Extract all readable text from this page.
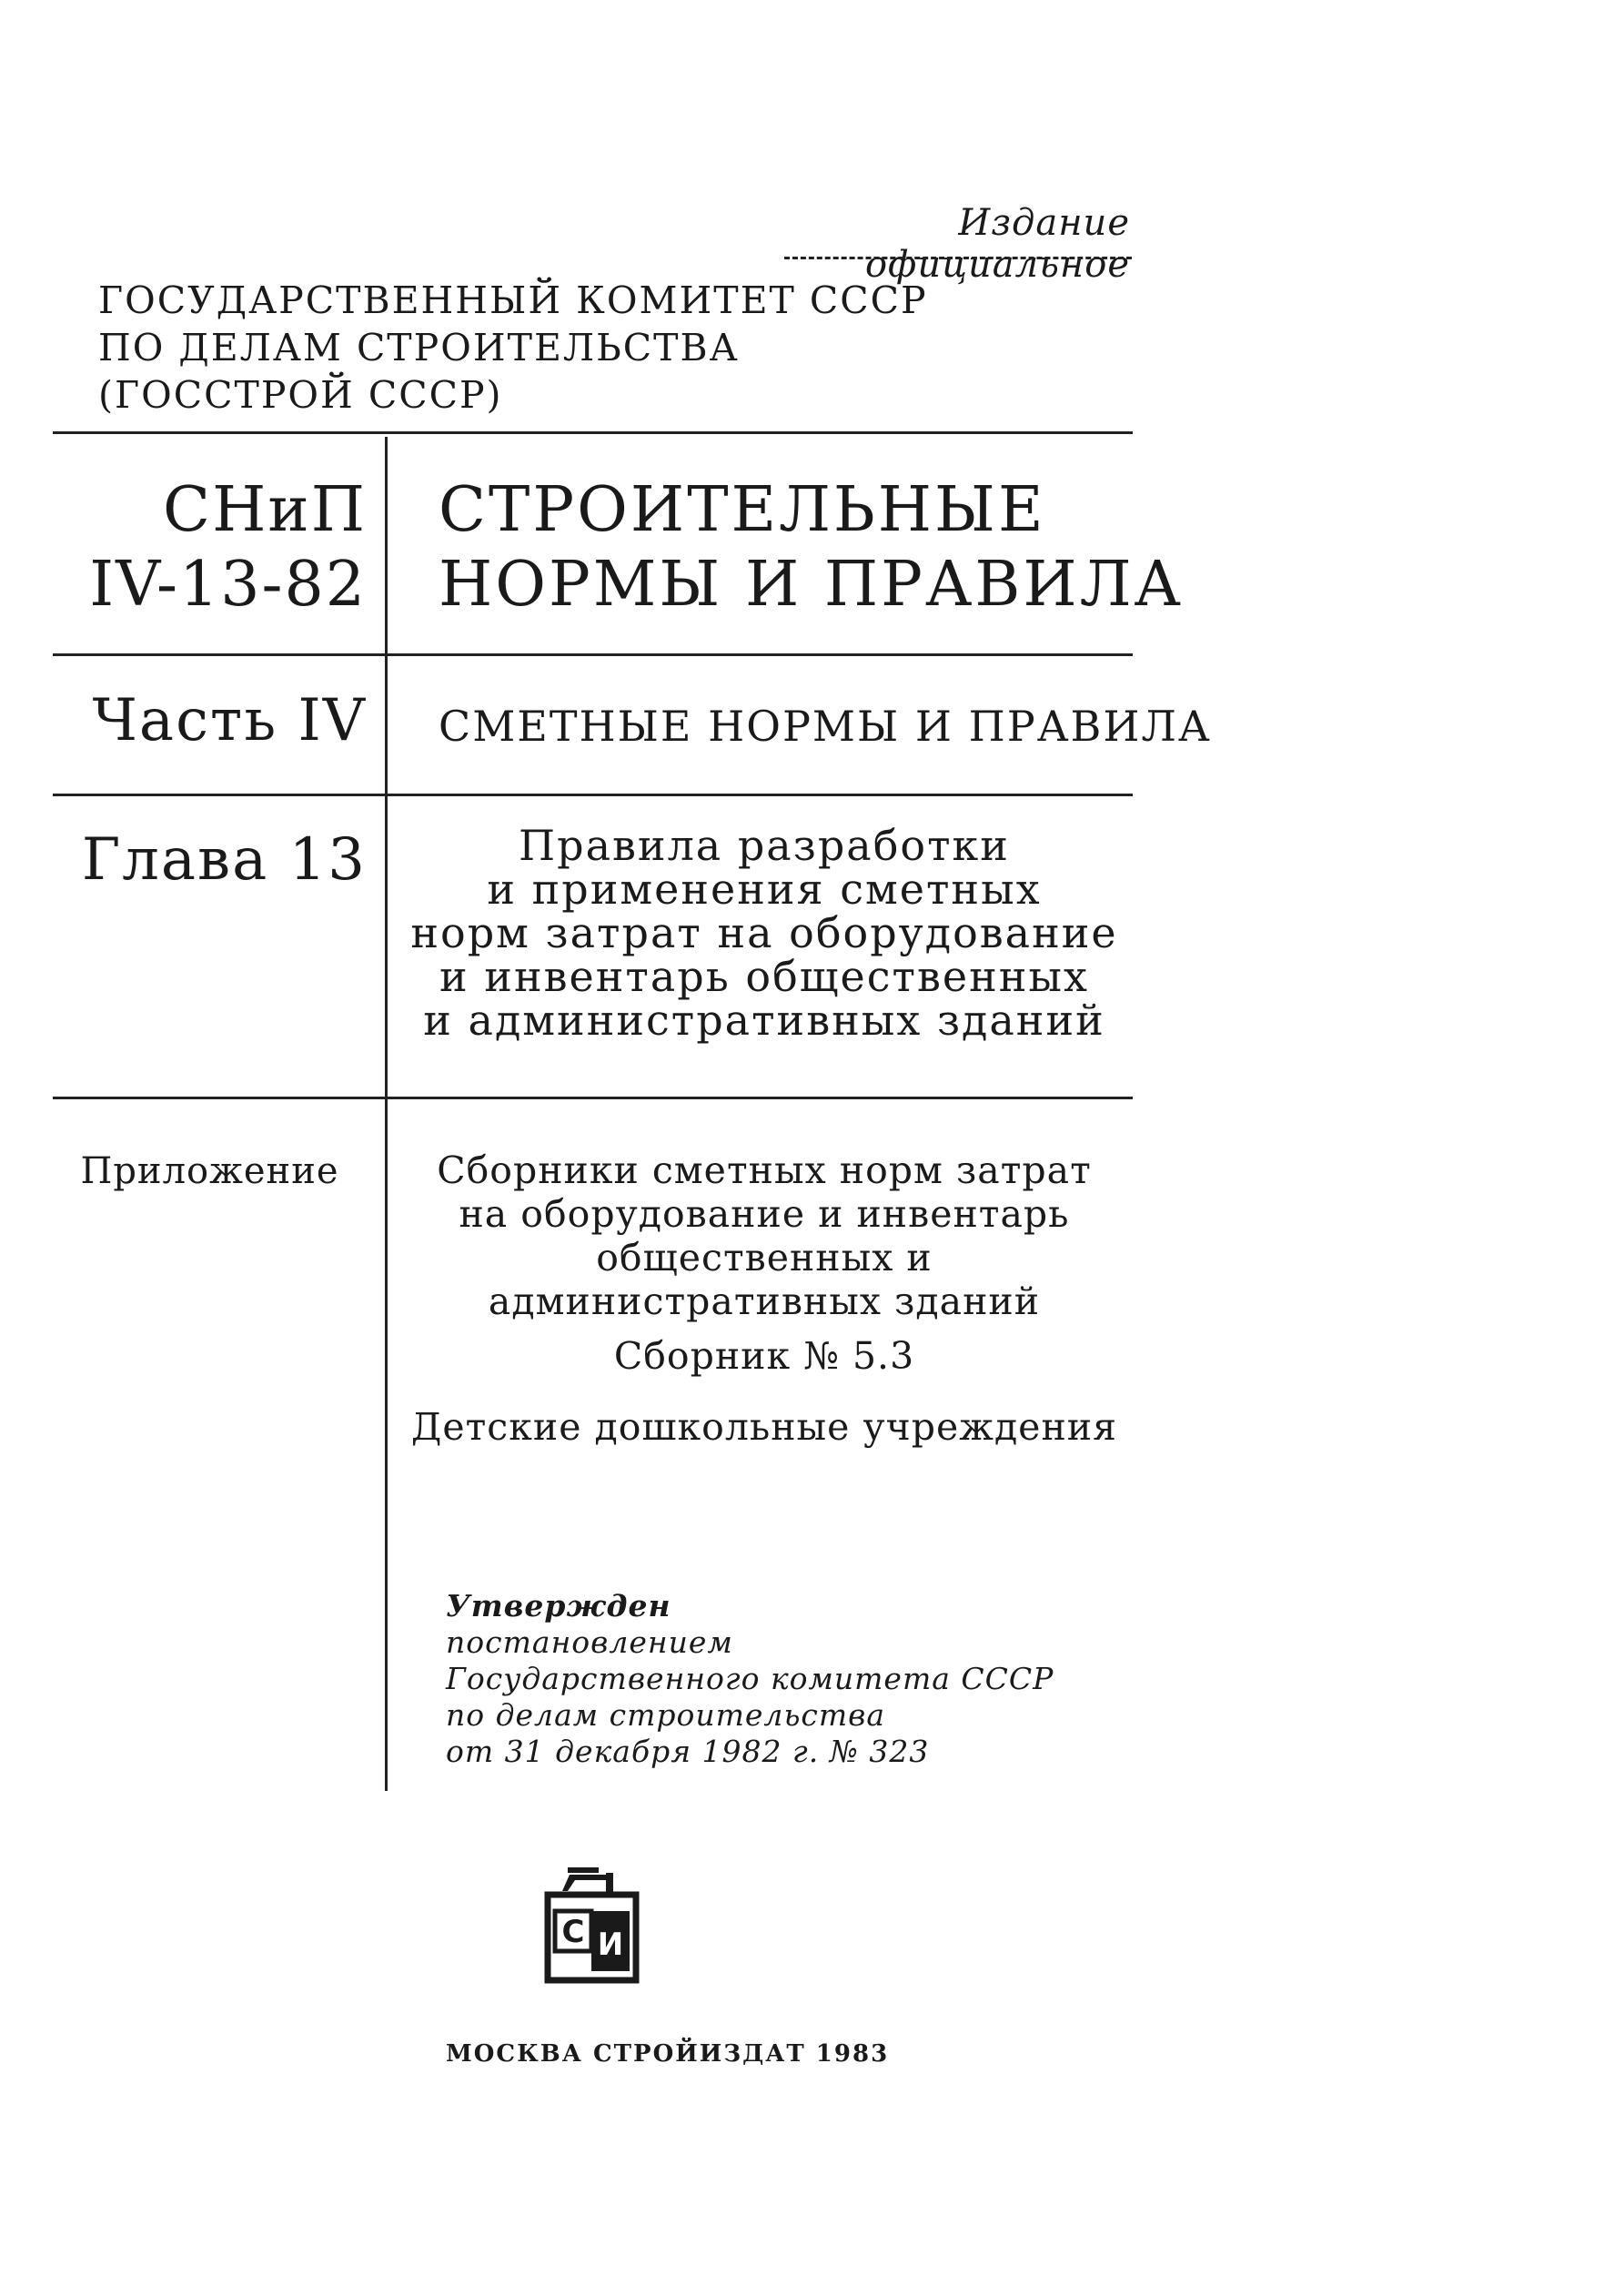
Издание официальное
ГОСУДАРСТВЕННЫЙ КОМИТЕТ СССР
ПО ДЕЛАМ СТРОИТЕЛЬСТВА
(ГОССТРОЙ СССР)
СНиП
IV-13-82
СТРОИТЕЛЬНЫЕ
НОРМЫ И ПРАВИЛА
Часть IV СМЕТНЫЕ НОРМЫ И ПРАВИЛА
Глава 13	Правила разработки
и применения сметных
норм затрат на оборудование
и инвентарь общественных
и административных зданий
Приложение	Сборники сметных норм затрат
на оборудование и инвентарь
общественных и
административных зданий
Сборник № 5.3
Детские дошкольные учреждения
Утвержден
постановлением
Государственного комитета СССР
по делам строительства
от 31 декабря 1982 г. № 323
С И
МОСКВА СТРОЙИЗДАТ 1983
